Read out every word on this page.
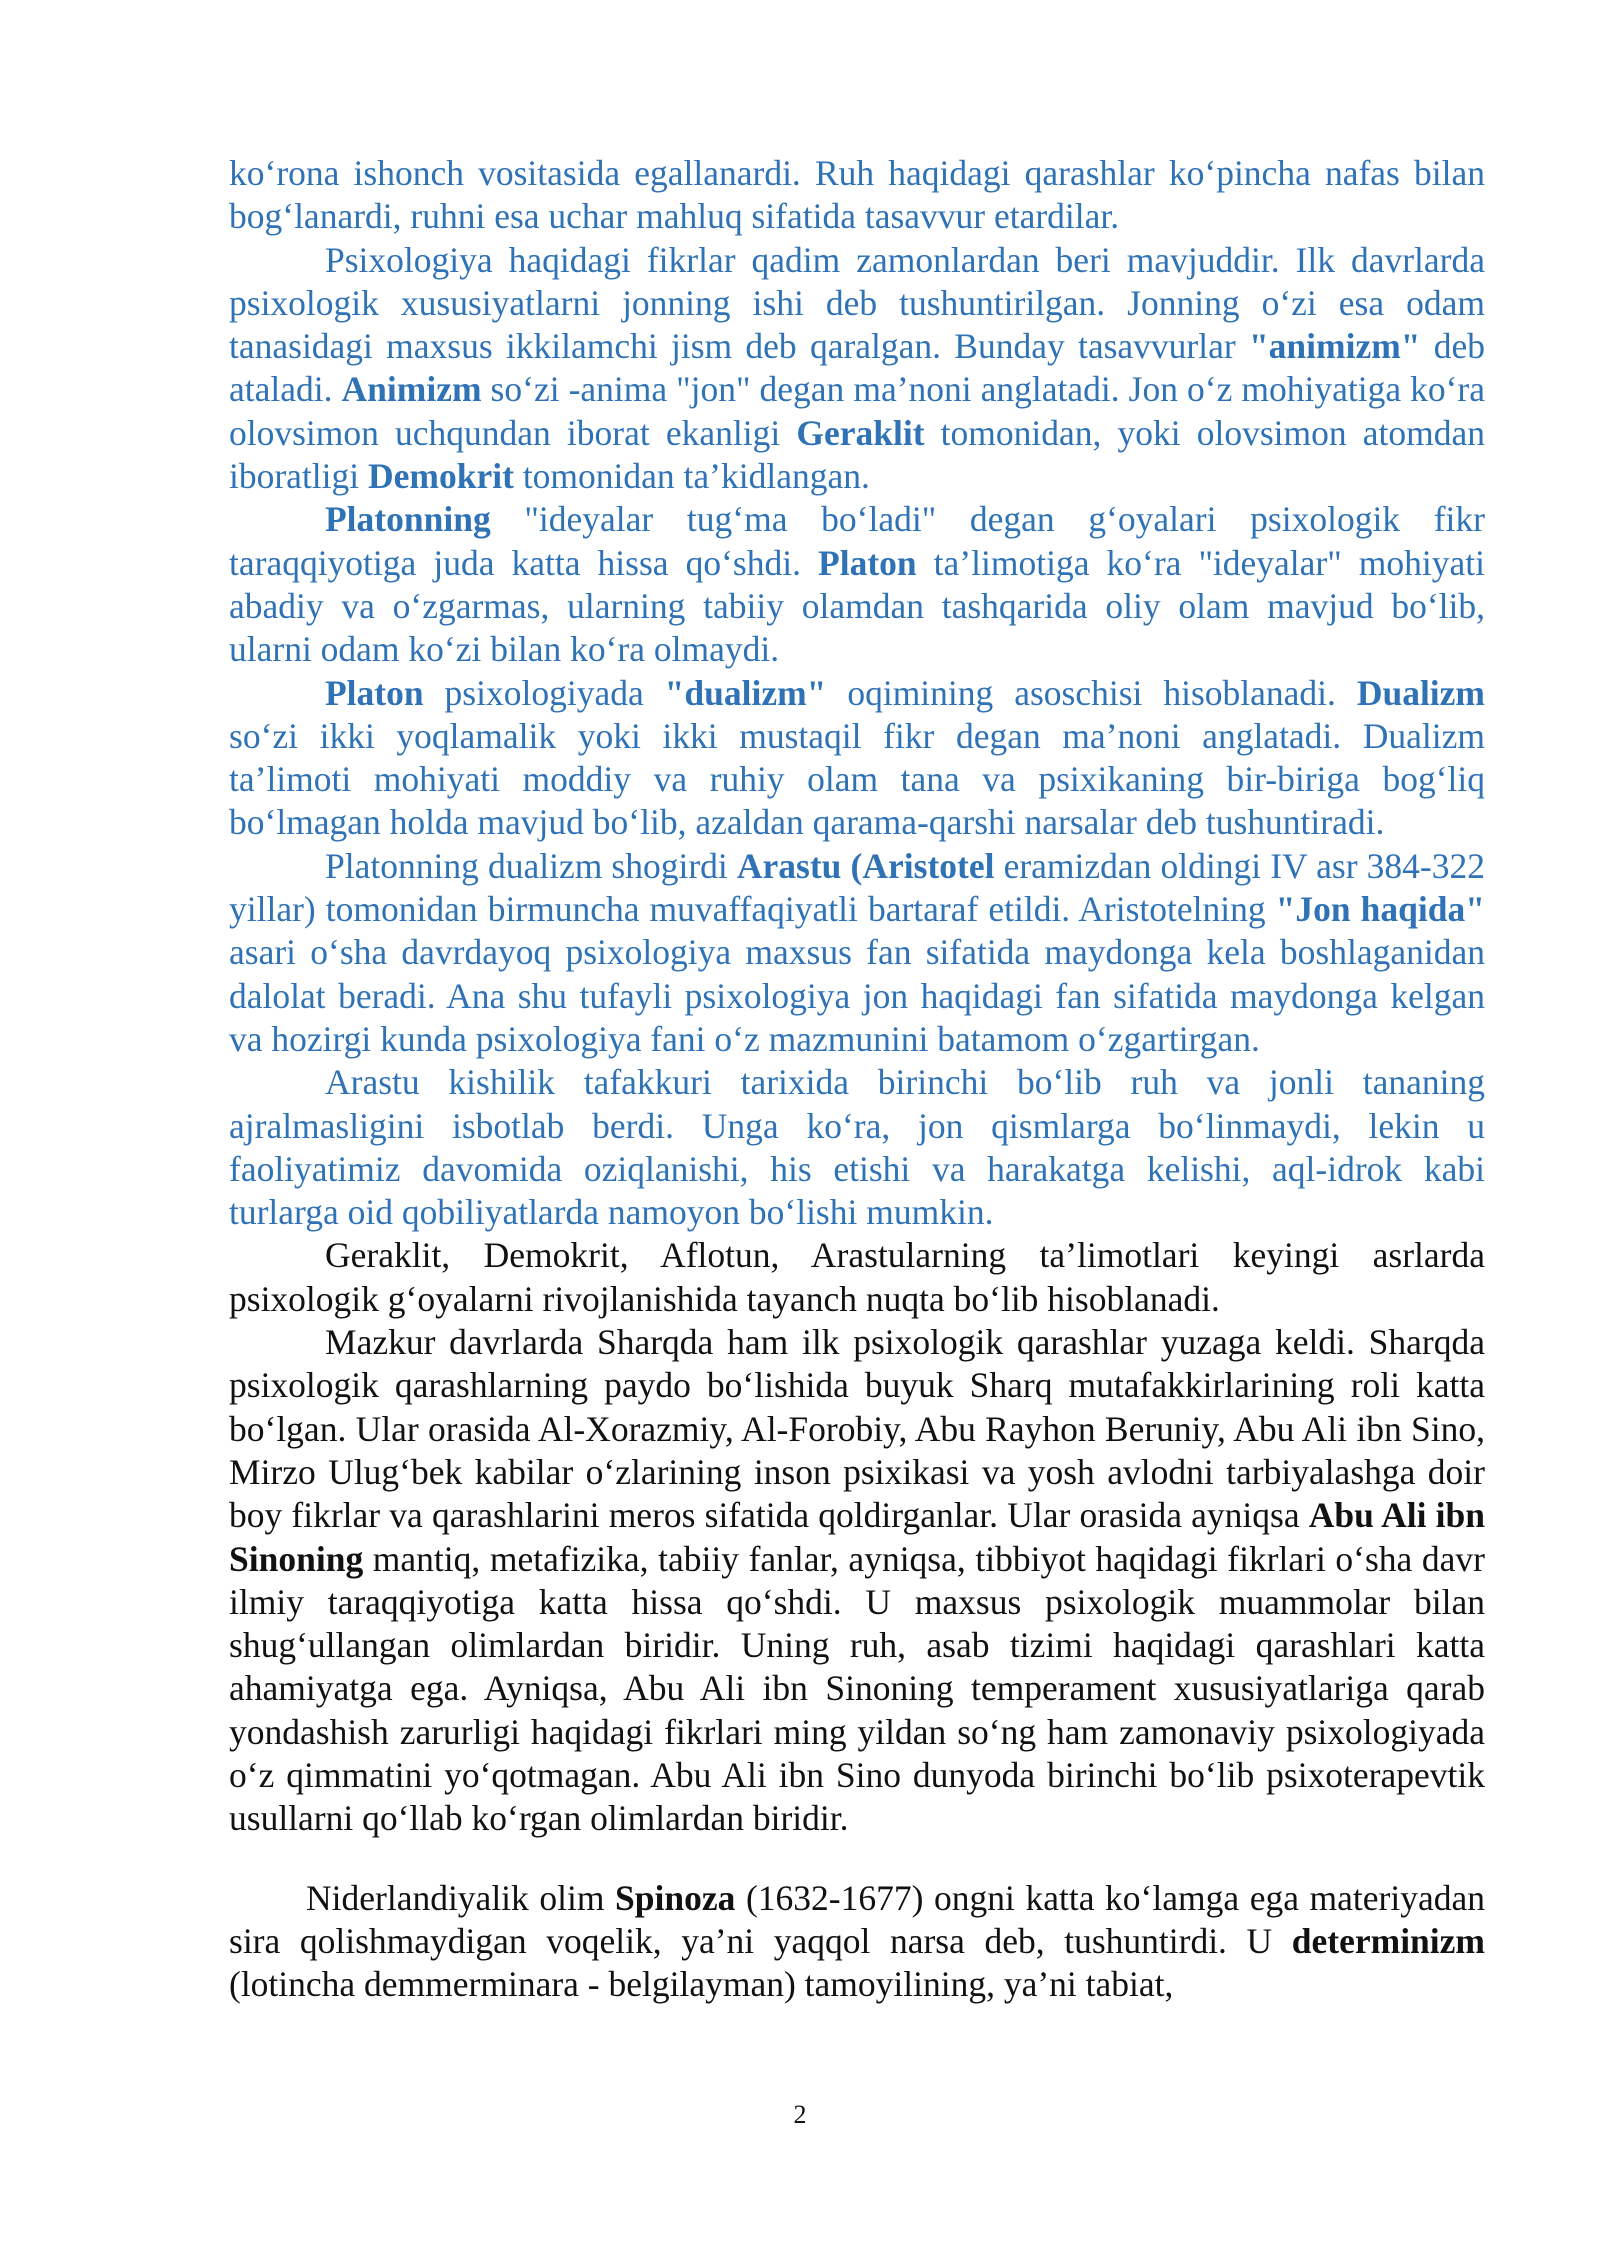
ko‘rona ishonch vositasida egallanardi. Ruh haqidagi qarashlar ko‘pincha nafas bilan bog‘lanardi, ruhni esa uchar mahluq sifatida tasavvur etardilar.

Psixologiya haqidagi fikrlar qadim zamonlardan beri mavjuddir. Ilk davrlarda psixologik xususiyatlarni jonning ishi deb tushuntirilgan. Jonning o‘zi esa odam tanasidagi maxsus ikkilamchi jism deb qaralgan. Bunday tasavvurlar "animizm" deb ataladi. Animizm so‘zi -anima "jon" degan ma’noni anglatadi. Jon o‘z mohiyatiga ko‘ra olovsimon uchqundan iborat ekanligi Geraklit tomonidan, yoki olovsimon atomdan iboratligi Demokrit tomonidan ta’kidlangan.

Platonning "ideyalar tug‘ma bo‘ladi" degan g‘oyalari psixologik fikr taraqqiyotiga juda katta hissa qo‘shdi. Platon ta’limotiga ko‘ra "ideyalar" mohiyati abadiy va o‘zgarmas, ularning tabiiy olamdan tashqarida oliy olam mavjud bo‘lib, ularni odam ko‘zi bilan ko‘ra olmaydi.

Platon psixologiyada "dualizm" oqimining asoschisi hisoblanadi. Dualizm so‘zi ikki yoqlamalik yoki ikki mustaqil fikr degan ma’noni anglatadi. Dualizm ta’limoti mohiyati moddiy va ruhiy olam tana va psixikaning bir-biriga bog‘liq bo‘lmagan holda mavjud bo‘lib, azaldan qarama-qarshi narsalar deb tushuntiradi.

Platonning dualizm shogirdi Arastu (Aristotel eramizdan oldingi IV asr 384-322 yillar) tomonidan birmuncha muvaffaqiyatli bartaraf etildi. Aristotelning "Jon haqida" asari o‘sha davrdayoq psixologiya maxsus fan sifatida maydonga kela boshlaganidan dalolat beradi. Ana shu tufayli psixologiya jon haqidagi fan sifatida maydonga kelgan va hozirgi kunda psixologiya fani o‘z mazmunini batamom o‘zgartirgan.

Arastu kishilik tafakkuri tarixida birinchi bo‘lib ruh va jonli tananing ajralmasligini isbotlab berdi. Unga ko‘ra, jon qismlarga bo‘linmaydi, lekin u faoliyatimiz davomida oziqlanishi, his etishi va harakatga kelishi, aql-idrok kabi turlarga oid qobiliyatlarda namoyon bo‘lishi mumkin.

Geraklit, Demokrit, Aflotun, Arastularning ta’limotlari keyingi asrlarda psixologik g‘oyalarni rivojlanishida tayanch nuqta bo‘lib hisoblanadi.

Mazkur davrlarda Sharqda ham ilk psixologik qarashlar yuzaga keldi. Sharqda psixologik qarashlarning paydo bo‘lishida buyuk Sharq mutafakkirlarining roli katta bo‘lgan. Ular orasida Al-Xorazmiy, Al-Forobiy, Abu Rayhon Beruniy, Abu Ali ibn Sino, Mirzo Ulug‘bek kabilar o‘zlarining inson psixikasi va yosh avlodni tarbiyalashga doir boy fikrlar va qarashlarini meros sifatida qoldirganlar. Ular orasida ayniqsa Abu Ali ibn Sinoning mantiq, metafizika, tabiiy fanlar, ayniqsa, tibbiyot haqidagi fikrlari o‘sha davr ilmiy taraqqiyotiga katta hissa qo‘shdi. U maxsus psixologik muammolar bilan shug‘ullangan olimlardan biridir. Uning ruh, asab tizimi haqidagi qarashlari katta ahamiyatga ega. Ayniqsa, Abu Ali ibn Sinoning temperament xususiyatlariga qarab yondashish zarurligi haqidagi fikrlari ming yildan so‘ng ham zamonaviy psixologiyada o‘z qimmatini yo‘qotmagan. Abu Ali ibn Sino dunyoda birinchi bo‘lib psixoterapevtik usullarni qo‘llab ko‘rgan olimlardan biridir.

Niderlandiyalik olim Spinoza (1632-1677) ongni katta ko‘lamga ega materiyadan sira qolishmaydigan voqelik, ya’ni yaqqol narsa deb, tushuntirdi. U determinizm (lotincha demmerminara - belgilayman) tamoyilining, ya’ni tabiat,

2
